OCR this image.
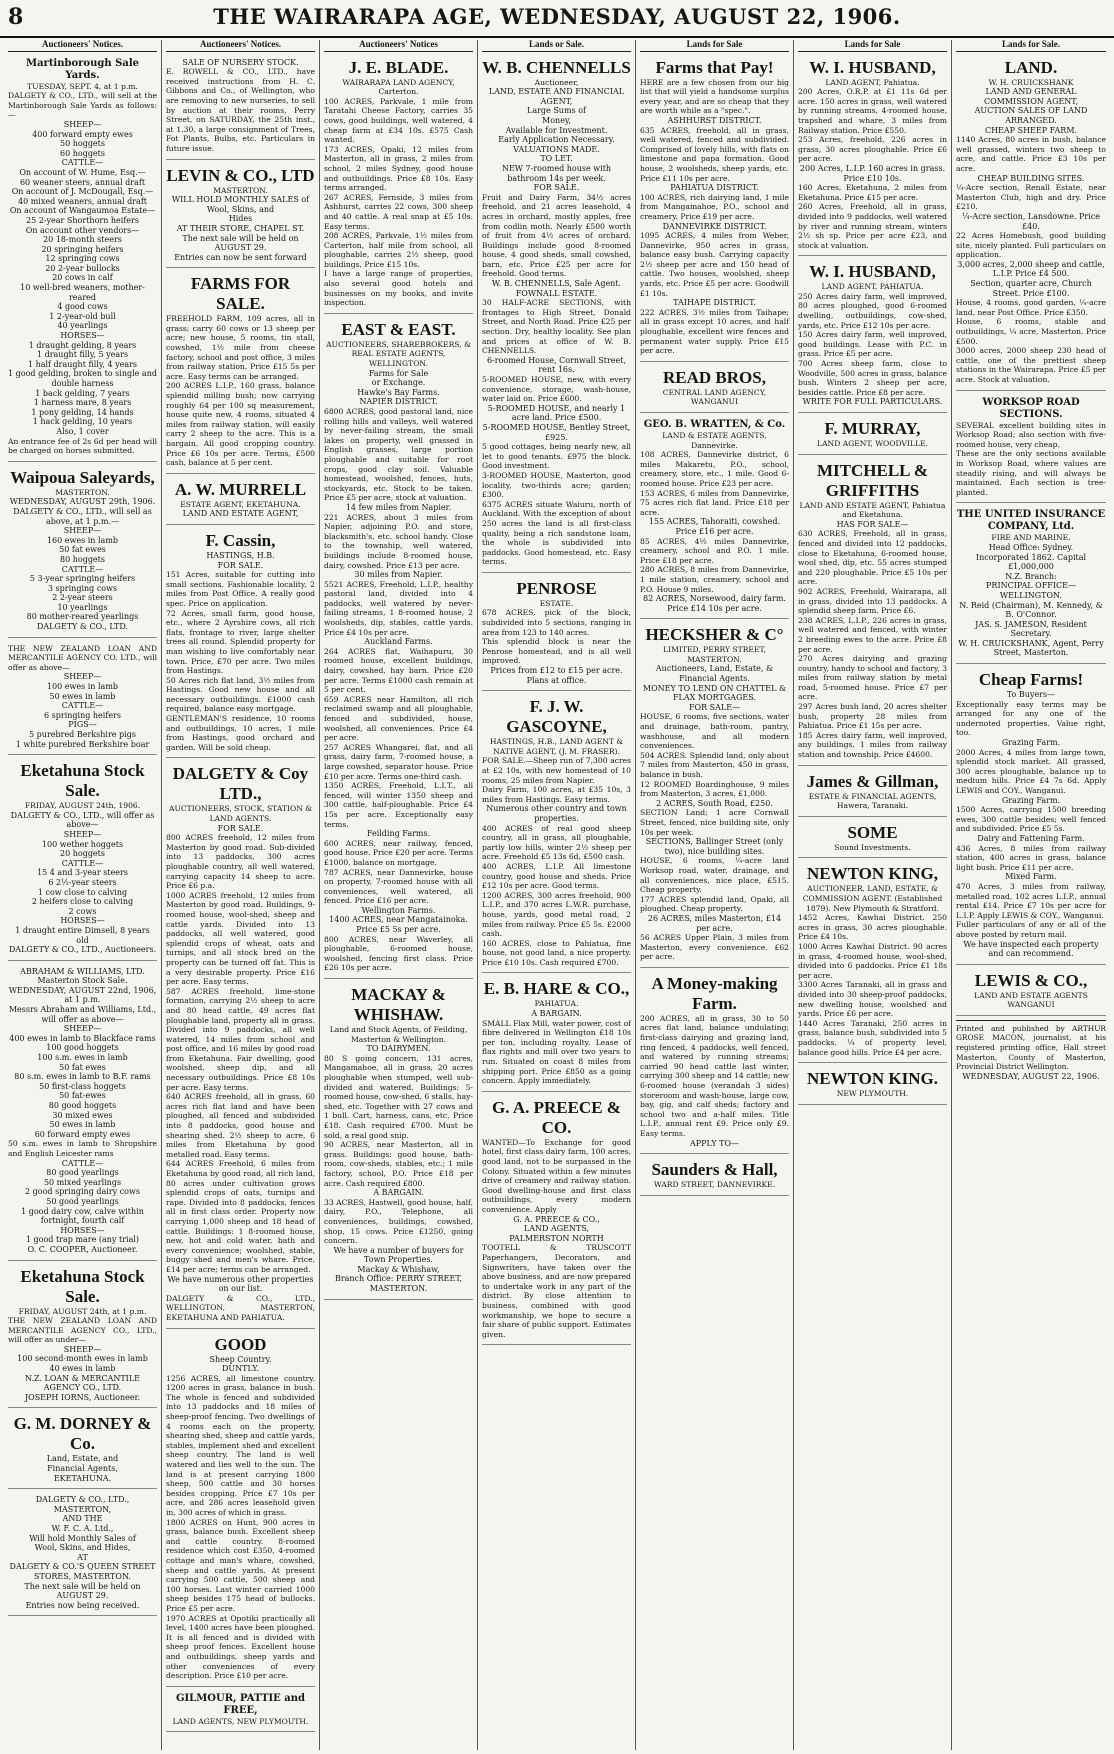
8	THE WAIRARAPA AGE, WEDNESDAY, AUGUST 22, 1906.
Auctioneers' Notices.
Martinborough Sale Yards.
TUESDAY, SEPT. 4, at 1 p.m.
DALGETY & CO., LTD., will sell at the Martinborough Sale Yards as follows:—
SHEEP—
400 forward empty ewes
50 hoggets
60 hoggets
CATTLE—
On account of W. Hume, Esq.—
60 weaner steers, annual draft
On account of J. McDougall, Esq.—
40 mixed weaners, annual draft
On account of Wangaumoa Estate—
25 2-year Shorthorn heifers
On account other vendors—
20 18-month steers
20 springing heifers
12 springing cows
20 2-year bullocks
20 cows in calf
10 well-bred weaners, mother-reared
4 good cows
1 2-year-old bull
40 yearlings
HORSES—
1 draught gelding, 8 years
1 draught filly, 5 years
1 half draught filly, 4 years
1 good gelding, broken to single and double harness
1 back gelding, 7 years
1 harness mare, 8 years
1 pony gelding, 14 hands
1 hack gelding, 10 years
Also, 1 cover
An entrance fee of 2s 6d per head will be charged on horses submitted.
Waipoua Saleyards,
MASTERTON.
WEDNESDAY, AUGUST 29th, 1906.
DALGETY & CO., LTD., will sell as above, at 1 p.m.—
SHEEP—
160 ewes in lamb
50 fat ewes
80 hoggets
CATTLE—
5 3-year springing heifers
3 springing cows
2 2-year steers
10 yearlings
80 mother-reared yearlings
DALGETY & CO., LTD.
THE NEW ZEALAND LOAN AND MERCANTILE AGENCY CO. LTD., will offer as above—
SHEEP—
100 ewes in lamb
50 ewes in lamb
CATTLE—
6 springing heifers
PIGS—
5 purebred Berkshire pigs
1 white purebred Berkshire boar
Eketahuna Stock Sale.
FRIDAY, AUGUST 24th, 1906.
DALGETY & CO., LTD., will offer as above—
SHEEP—
100 wether hoggets
20 hoggets
CATTLE—
15 4 and 3-year steers
6 2½-year steers
1 cow close to calving
2 heifers close to calving
2 cows
HORSES—
1 draught entire Dimsell, 8 years old
DALGETY & CO., LTD., Auctioneers.
ABRAHAM & WILLIAMS, LTD.
Masterton Stock Sale.
WEDNESDAY, AUGUST 22nd, 1906, at 1 p.m.
Messrs Abraham and Williams, Ltd., will offer as above—
SHEEP—
400 ewes in lamb to Blackface rams
100 good hoggets
100 s.m. ewes in lamb
50 fat ewes
80 s.m. ewes in lamb to B.F. rams
50 first-class hoggets
50 fat-ewes
80 good hoggets
30 mixed ewes
50 ewes in lamb
60 forward empty ewes
50 s.m. ewes in lamb to Shropshire and English Leicester rams
CATTLE—
80 good yearlings
50 mixed yearlings
2 good springing dairy cows
50 good yearlings
1 good dairy cow, calve within fortnight, fourth calf
HORSES—
1 good trap mare (any trial)
O. C. COOPER, Auctioneer.
Eketahuna Stock Sale.
FRIDAY, AUGUST 24th, at 1 p.m.
THE NEW ZEALAND LOAN AND MERCANTILE AGENCY CO., LTD., will offer as under—
SHEEP—
100 second-month ewes in lamb
40 ewes in lamb
N.Z. LOAN & MERCANTILE AGENCY CO., LTD.
JOSEPH IORNS, Auctioneer.
G. M. DORNEY & Co.
Land, Estate, and
Financial Agents,
EKETAHUNA.
DALGETY & CO., LTD., MASTERTON,
AND THE
W. F. C. A. Ltd.,
Will hold Monthly Sales of
Wool, Skins, and Hides,
AT
DALGETY & CO.'S QUEEN STREET STORES, MASTERTON.
The next sale will be held on AUGUST 29.
Entries now being received.
Auctioneers' Notices.
SALE OF NURSERY STOCK.
E. ROWELL & CO., LTD., have received instructions from H. C. Gibbons and Co., of Wellington, who are removing to new nurseries, to sell by auction at their rooms, Perry Street, on SATURDAY, the 25th inst., at 1.30, a large consignment of Trees, Fot Plants, Bulbs, etc. Particulars in future issue.
LEVIN & CO., LTD
MASTERTON.
WILL HOLD MONTHLY SALES of
Wool, Skins, and
Hides
AT THEIR STORE, CHAPEL ST.
The next sale will be held on
AUGUST 29.
Entries can now be sent forward
FARMS FOR SALE.
FREEHOLD FARM, 109 acres, all in grass; carry 60 cows or 13 sheep per acre; new house, 5 rooms, tin stall, cowshed, 1½ mile from cheese factory, school and post office, 3 miles from railway station. Price £15 5s per acre. Easy terms can be arranged.
200 ACRES L.I.P., 160 grass, balance splendid milling bush; now carrying roughly 64 per 100 sq measurement, house quite new, 4 rooms, situated 4 miles from railway station, will easily carry 2 sheep to the acre. This is a bargain. All good cropping country. Price £6 10s per acre. Terms, £500 cash, balance at 5 per cent.
A. W. MURRELL
ESTATE AGENT, EKETAHUNA.
LAND AND ESTATE AGENT,
F. Cassin,
HASTINGS, H.B.
FOR SALE.
151 Acres, suitable for cutting into small sections. Fashionable locality, 2 miles from Post Office. A really good spec. Price on application.
72 Acres, small farm, good house, etc., where 2 Ayrshire cows, all rich flats, frontage to river, large shelter trees all round. Splendid property for man wishing to live comfortably near town. Price, £70 per acre. Two miles from Hastings.
50 Acres rich flat land, 3½ miles from Hastings. Good new house and all necessary outbuildings. £1000 cash required, balance easy mortgage.
GENTLEMAN'S residence, 10 rooms and outbuildings, 10 acres, 1 mile from Hastings, good orchard and garden. Will be sold cheap.
DALGETY & Coy LTD.,
AUCTIONEERS, STOCK, STATION & LAND AGENTS.
FOR SALE.
800 ACRES freehold, 12 miles from Masterton by good road. Sub-divided into 13 paddocks, 300 acres ploughable country, all well watered, carrying capacity 14 sheep to acre. Price £6 p.a.
1000 ACRES freehold, 12 miles from Masterton by good road. Buildings, 9-roomed house, wool-shed, sheep and cattle yards. Divided into 13 paddocks, all well watered, good splendid crops of wheat, oats and turnips, and all stock bred on the property can be turned off fat. This is a very desirable property. Price £16 per acre. Easy terms.
587 ACRES freehold, lime-stone formation, carrying 2½ sheep to acre and 80 head cattle, 49 acres flat ploughable land, property all in grass. Divided into 9 paddocks, all well watered, 14 miles from school and post office, and 16 miles by good road from Eketahuna. Fair dwelling, good woolshed, sheep dip, and all necessary outbuildings. Price £8 10s per acre. Easy terms.
640 ACRES freehold, all in grass, 60 acres rich flat land and have been ploughed, all fenced and subdivided into 8 paddocks, good house and shearing shed. 2½ sheep to acre, 6 miles from Eketahuna by good metalled road. Easy terms.
644 ACRES Freehold, 6 miles from Eketahuna by good road, all rich land, 80 acres under cultivation grows splendid crops of oats, turnips and rape. Divided into 8 paddocks, fences all in first class order. Property now carrying 1,000 sheep and 18 head of cattle. Buildings: 1 8-roomed house, new, hot and cold water, bath and every convenience; woolshed, stable, buggy shed and men's whare. Price, £14 per acre; terms can be arranged.
We have numerous other properties on our list.
DALGETY & CO., LTD., WELLINGTON, MASTERTON, EKETAHUNA AND PAHIATUA.
GOOD
Sheep Country.
DUNTLY.
1256 ACRES, all limestone country. 1200 acres in grass, balance in bush. The whole is fenced and subdivided into 13 paddocks and 18 miles of sheep-proof fencing. Two dwellings of 4 rooms each on the property, shearing shed, sheep and cattle yards, stables, implement shed and excellent sheep country. The land is well watered and lies well to the sun. The land is at present carrying 1800 sheep, 500 cattle and 30 horses besides cropping. Price £7 10s per acre, and 286 acres leasehold given in, 300 acres of which in grass.
1800 ACRES on Hunt, 900 acres in grass, balance bush. Excellent sheep and cattle country. 8-roomed residence which cost £350, 4-roomed cottage and man's whare, cowshed, sheep and cattle yards. At present carrying 500 cattle, 500 sheep and 100 horses. Last winter carried 1000 sheep besides 175 head of bullocks. Price £5 per acre.
1970 ACRES at Opotiki practically all level, 1400 acres have been ploughed. It is all fenced and is divided with sheep proof fences. Excellent house and outbuildings, sheep yards and other conveniences of every description. Price £10 per acre.
GILMOUR, PATTIE and FREE,
LAND AGENTS, NEW PLYMOUTH.
Auctioneers' Notices
J. E. BLADE.
WAIRARAPA LAND AGENCY, Carterton.
100 ACRES, Parkvale, 1 mile from Taratahi Cheese Factory, carries 35 cows, good buildings, well watered, 4 cheap farm at £34 10s. £575 Cash wanted.
173 ACRES, Opaki, 12 miles from Masterton, all in grass, 2 miles from school, 2 miles Sydney, good house and outbuildings. Price £8 10s. Easy terms arranged.
267 ACRES, Fernside, 3 miles from Ashhurst, carries 22 cows, 300 sheep and 40 cattle. A real snap at £5 10s. Easy terms.
208 ACRES, Parkvale, 1½ miles from Carterton, half mile from school, all ploughable, carries 2½ sheep, good buildings, Price £15 10s.
I have a large range of properties, also several good hotels and businesses on my books, and invite inspection.
EAST & EAST.
AUCTIONEERS, SHAREBROKERS, & REAL ESTATE AGENTS, WELLINGTON.
Farms for Sale
or Exchange.
Hawke's Bay Farms.
NAPIER DISTRICT.
6800 ACRES, good pastoral land, nice rolling hills and valleys, well watered by never-failing stream, the small lakes on property, well grassed in English grasses, large portion ploughable and suitable for root crops, good clay soil. Valuable homestead, woolshed, fences, huts, stockyards, etc. Stock to be taken. Price £5 per acre, stock at valuation.
14 few miles from Napier.
221 ACRES, about 3 miles from Napier, adjoining P.O. and store, blacksmith's, etc. school handy. Close to the township, well watered, buildings include 8-roomed house, dairy, cowshed. Price £13 per acre.
30 miles from Napier.
5521 ACRES, Freehold, L.I.P., healthy pastoral land, divided into 4 paddocks, well watered by never-failing streams, 1 8-roomed house, 2 woolsheds, dip, stables, cattle yards. Price £4 10s per acre.
Auckland Farms.
264 ACRES flat, Waihapuru, 30 roomed house, excellent buildings, dairy, cowshed, hay barn. Price £20 per acre. Terms £1000 cash remain at 5 per cent.
659 ACRES near Hamilton, all rich reclaimed swamp and all ploughable, fenced and subdivided, house, woolshed, all conveniences. Price £4 per acre.
257 ACRES Whangarei, flat, and all grass, dairy farm, 7-roomed house, a large cowshed, separator house. Price £10 per acre. Terms one-third cash.
1350 ACRES, Freehold, L.I.T., all fenced, will winter 1350 sheep and 300 cattle, half-ploughable. Price £4 15s per acre. Exceptionally easy terms.
Feilding Farms.
600 ACRES, near railway, fenced, good house. Price £20 per acre. Terms £1000, balance on mortgage.
787 ACRES, near Dannevirke, house on property, 7-roomed house with all conveniences, well watered, all fenced. Price £16 per acre.
Wellington Farms.
1400 ACRES, near Mangatainoka. Price £5 5s per acre.
800 ACRES, near Waverley, all ploughable, 6-roomed house, woolshed, fencing first class. Price £26 10s per acre.
MACKAY & WHISHAW.
Land and Stock Agents, of Feilding, Masterton & Wellington.
TO DAIRYMEN.
80 S going concern, 131 acres, Mangamahoe, all in grass, 20 acres ploughable when stumped, well sub-divided and watered. Buildings: 5-roomed house, cow-shed, 6 stalls, hay-shed, etc. Together with 27 cows and 1 bull. Cart, harness, cans, etc. Price £18. Cash required £700. Must be sold, a real good snip.
90 ACRES, near Masterton, all in grass. Buildings: good house, bath-room, cow-sheds, stables, etc.; 1 mile factory, school, P.O. Price £18 per acre. Cash required £800.
A BARGAIN.
33 ACRES, Hastwell, good house, half, dairy, P.O., Telephone, all conveniences, buildings, cowshed, shop, 15 cows. Price £1250, going concern.
We have a number of buyers for Town Properties.
Mackay & Whishaw,
Branch Office: PERRY STREET, MASTERTON.
Lands or Sale.
W. B. CHENNELLS
Auctioneer,
LAND, ESTATE AND FINANCIAL AGENT,
Large Sums of
Money,
Available for Investment.
Early Application Necessary.
VALUATIONS MADE.
TO LET.
NEW 7-roomed house with bathroom 14s per week.
FOR SALE.
Fruit and Dairy Farm, 34½ acres freehold, and 21 acres leasehold, 4 acres in orchard, mostly apples, free from codlin moth. Nearly £500 worth of fruit from 4½ acres of orchard. Buildings include good 8-roomed house, 4 good sheds, small cowshed, barn, etc. Price £25 per acre for freehold. Good terms.
W. B. CHENNELLS, Sale Agent.
FOWNALL ESTATE.
30 HALF-ACRE SECTIONS, with frontages to High Street, Donald Street, and North Road. Price £25 per section. Dry, healthy locality. See plan and prices at office of W. B. CHENNELLS.
6-roomed House, Cornwall Street, rent 16s.
5-ROOMED HOUSE, new, with every convenience, storage, wash-house, water laid on. Price £600.
5-ROOMED HOUSE, and nearly 1 acre land. Price £500.
5-ROOMED HOUSE, Bentley Street, £925.
5 good cottages, being nearly new, all let to good tenants. £975 the block. Good investment.
3-ROOMED HOUSE, Masterton, good locality, two-thirds acre; garden; £300.
6375 ACRES situate Waiuru, north of Auckland. With the exception of about 250 acres the land is all first-class quality, being a rich sandstone loam, the whole is subdivided into paddocks. Good homestead, etc. Easy terms.
PENROSE
ESTATE.
678 ACRES, pick of the block, subdivided into 5 sections, ranging in area from 123 to 140 acres.
This splendid block is near the Penrose homestead, and is all well improved.
Prices from £12 to £15 per acre. Plans at office.
F. J. W. GASCOYNE,
HASTINGS, H.B., LAND AGENT & NATIVE AGENT, (J. M. FRASER).
FOR SALE.—Sheep run of 7,300 acres at £2 10s, with new homestead of 10 rooms, 25 miles from Napier.
Dairy Farm, 100 acres, at £35 10s, 3 miles from Hastings. Easy terms.
Numerous other country and town properties.
400 ACRES of real good sheep country, all in grass, all ploughable, partly low hills, winter 2½ sheep per acre. Freehold £5 13s 6d, £500 cash.
400 ACRES, L.I.P. All limestone country, good house and sheds. Price £12 10s per acre. Good terms.
1200 ACRES, 300 acres freehold, 900 L.I.P., and 370 acres L.W.R. purchase, house, yards, good metal road, 2 miles from railway. Price £5 5s. £2000 cash.
160 ACRES, close to Pahiatua, fine house, not good land, a nice property. Price £10 10s. Cash required £700.
E. B. HARE & CO.,
PAHIATUA.
A BARGAIN.
SMALL Flax Mill, water power, cost of fibre delivered in Wellington £18 10s per ton, including royalty. Lease of flax rights and mill over two years to run. Situated on coast 8 miles from shipping port. Price £850 as a going concern. Apply immediately.
G. A. PREECE & CO.
WANTED—To Exchange for good hotel, first class dairy farm, 100 acres, good land, not to be surpassed in the Colony. Situated within a few minutes drive of creamery and railway station. Good dwelling-house and first class outbuildings, every modern convenience. Apply
G. A. PREECE & CO.,
LAND AGENTS,
PALMERSTON NORTH
TOOTELL & TRUSCOTT Paperhangers, Decorators, and Signwriters, have taken over the above business, and are now prepared to undertake work in any part of the district. By close attention to business, combined with good workmanship, we hope to secure a fair share of public support. Estimates given.
Lands for Sale
Farms that Pay!
HERE are a few chosen from our big list that will yield a handsome surplus every year, and are so cheap that they are worth while as a "spec.".
ASHHURST DISTRICT.
635 ACRES, freehold, all in grass, well watered, fenced and subdivided. Comprised of lovely hills, with flats on limestone and papa formation. Good house, 2 woolsheds, sheep yards, etc. Price £11 10s per acre.
PAHIATUA DISTRICT.
100 ACRES, rich dairying land, 1 mile from Mangamahoe, P.O., school and creamery. Price £19 per acre.
DANNEVIRKE DISTRICT.
1095 ACRES, 4 miles from Weber, Dannevirke, 950 acres in grass, balance easy bush. Carrying capacity 2½ sheep per acre and 150 head of cattle. Two houses, woolshed, sheep yards, etc. Price £5 per acre. Goodwill £1 10s.
TAIHAPE DISTRICT.
222 ACRES, 3½ miles from Taihape; all in grass except 10 acres, and half ploughable, excellent wire fences and permanent water supply. Price £15 per acre.
READ BROS,
CENTRAL LAND AGENCY, WANGANUI
GEO. B. WRATTEN, & Co.
LAND & ESTATE AGENTS, Dannevirke.
108 ACRES, Dannevirke district, 6 miles Makaretu, P.O., school, creamery, store, etc., 1 mile. Good 6-roomed house. Price £23 per acre.
153 ACRES, 6 miles from Dannevirke, 75 acres rich flat land. Price £18 per acre.
155 ACRES, Tahoraiti, cowshed. Price £16 per acre.
85 ACRES, 4½ miles Dannevirke, creamery, school and P.O. 1 mile. Price £18 per acre.
280 ACRES, 8 miles from Dannevirke, 1 mile station, creamery, school and P.O. House 9 miles.
82 ACRES, Norsewood, dairy farm. Price £14 10s per acre.
HECKSHER & C°
LIMITED, PERRY STREET, MASTERTON.
Auctioneers, Land, Estate, & Financial Agents.
MONEY TO LEND ON CHATTEL & FLAX MORTGAGES.
FOR SALE—
HOUSE, 6 rooms, five sections, water and drainage, bath-room, pantry, washhouse, and all modern conveniences.
504 ACRES. Splendid land, only about 7 miles from Masterton, 450 in grass, balance in bush.
12 ROOMED Boardinghouse, 9 miles from Masterton, 3 acres, £1,000.
2 ACRES, South Road, £250.
SECTION Land; 1 acre Cornwall Street, fenced, nice building site, only 10s per week.
SECTIONS, Ballinger Street (only two), nice building sites.
HOUSE, 6 rooms, ¼-acre land Worksop road, water, drainage, and all conveniences, nice place, £515. Cheap property.
177 ACRES splendid land, Opaki, all ploughed. Cheap property.
26 ACRES, miles Masterton, £14 per acre.
56 ACRES Upper Plain, 3 miles from Masterton, every convenience. £62 per acre.
A Money-making Farm.
200 ACRES, all in grass, 30 to 50 acres flat land, balance undulating; first-class dairying and grazing land, ring fenced, 4 paddocks, well fenced, and watered by running streams; carried 90 head cattle last winter, carrying 300 sheep and 14 cattle; new 6-roomed house (verandah 3 sides) storeroom and wash-house, large cow, bay, gig, and calf sheds; factory and school two and a-half miles. Title L.I.P., annual rent £9. Price only £9. Easy terms.
APPLY TO—
Saunders & Hall,
WARD STREET, DANNEVIRKE.
Lands for Sale
W. I. HUSBAND,
LAND AGENT, Pahiatua.
200 Acres, O.R.P. at £1 11s 6d per acre. 150 acres in grass, well watered by running streams, 4-roomed house, trapshed and whare, 3 miles from Railway station. Price £550.
253 Acres, freehold, 226 acres in grass, 30 acres ploughable. Price £6 per acre.
200 Acres, L.I.P. 160 acres in grass. Price £10 10s.
160 Acres, Eketahuna, 2 miles from Eketahuna. Price £15 per acre.
260 Acres, Freehold, all in grass, divided into 9 paddocks, well watered by river and running stream, winters 2½ sh sp. Price per acre £23, and stock at valuation.
W. I. HUSBAND,
LAND AGENT, PAHIATUA.
250 Acres dairy farm, well improved, 80 acres ploughed, good 6-roomed dwelling, outbuildings, cow-shed, yards, etc. Price £12 10s per acre.
150 Acres dairy farm, well improved, good buildings. Lease with P.C. in grass. Price £5 per acre.
700 Acres sheep farm, close to Woodville, 500 acres in grass, balance bush. Winters 2 sheep per acre, besides cattle. Price £8 per acre.
WRITE FOR FULL PARTICULARS.
F. MURRAY,
LAND AGENT, WOODVILLE.
MITCHELL & GRIFFITHS
LAND AND ESTATE AGENT, Pahiatua and Eketahuna.
HAS FOR SALE—
630 ACRES, Freehold, all in grass, fenced and divided into 12 paddocks, close to Eketahuna, 6-roomed house, wool shed, dip, etc. 55 acres stumped and 220 ploughable. Price £5 10s per acre.
902 ACRES, Freehold, Wairarapa, all in grass, divided into 13 paddocks. A splendid sheep farm. Price £6.
238 ACRES, L.I.P., 226 acres in grass, well watered and fenced, with winter 2 breeding ewes to the acre. Price £8 per acre.
270 Acres dairying and grazing country, handy to school and factory, 3 miles from railway station by metal road, 5-roomed house. Price £7 per acre.
297 Acres bush land, 20 acres shelter bush, property 28 miles from Pahiatua. Price £1 15s per acre.
185 Acres dairy farm, well improved, any buildings, 1 miles from railway station and township. Price £4600.
James & Gillman,
ESTATE & FINANCIAL AGENTS, Hawera, Taranaki.
SOME
Sound Investments.
NEWTON KING,
AUCTIONEER, LAND, ESTATE, & COMMISSION AGENT. (Established 1879). New Plymouth & Stratford.
1452 Acres, Kawhai District. 250 acres in grass, 30 acres ploughable. Price £4 10s.
1000 Acres Kawhai District. 90 acres in grass, 4-roomed house, wool-shed, divided into 6 paddocks. Price £1 18s per acre.
3300 Acres Taranaki, all in grass and divided into 30 sheep-proof paddocks, new dwelling house, woolshed and yards. Price £6 per acre.
1440 Acres Taranaki, 250 acres in grass, balance bush, subdivided into 5 paddocks, ¼ of property level, balance good hills. Price £4 per acre.
NEWTON KING.
NEW PLYMOUTH.
Lands for Sale.
LAND.
W. H. CRUICKSHANK
LAND AND GENERAL COMMISSION AGENT,
AUCTION SALES OF LAND ARRANGED.
CHEAP SHEEP FARM.
1140 Acres, 80 acres in bush, balance well grassed, winters two sheep to acre, and cattle. Price £3 10s per acre.
CHEAP BUILDING SITES.
¼-Acre section, Renall Estate, near Masterton Club, high and dry. Price £210.
¼-Acre section, Lansdowne. Price £40.
22 Acres Homebush, good building site, nicely planted. Full particulars on application.
3,000 acres, 2,000 sheep and cattle, L.I.P. Price £4 500.
Section, quarter acre, Church Street. Price £100.
House, 4 rooms, good garden, ¼-acre land, near Post Office. Price £350.
House, 6 rooms, stable and outbuildings, ¼ acre, Masterton. Price £500.
3000 acres, 2000 sheep 230 head of cattle, one of the prettiest sheep stations in the Wairarapa. Price £5 per acre. Stock at valuation.
WORKSOP ROAD SECTIONS.
SEVERAL excellent building sites in Worksop Road; also section with five-roomed house, very cheap.
These are the only sections available in Worksop Road, where values are steadily rising, and will always be maintained. Each section is tree-planted.
THE UNITED INSURANCE COMPANY, Ltd.
FIRE AND MARINE.
Head Office: Sydney.
Incorporated 1862. Capital £1,000,000
N.Z. Branch:
PRINCIPAL OFFICE—WELLINGTON.
N. Reid (Chairman), M. Kennedy, & B. O'Connor.
JAS. S. JAMESON, Resident Secretary.
W. H. CRUICKSHANK, Agent, Perry Street, Masterton.
Cheap Farms!
To Buyers—
Exceptionally easy terms may be arranged for any one of the undernoted properties. Value right, too.
Grazing Farm.
2000 Acres, 4 miles from large town, splendid stock market. All grassed, 300 acres ploughable, balance up to medium hills. Price £4 7s 6d. Apply LEWIS and COY., Wanganui.
Grazing Farm.
1500 Acres, carrying 1500 breeding ewes, 300 cattle besides; well fenced and subdivided. Price £5 5s.
Dairy and Fattening Farm.
436 Acres, 8 miles from railway station, 400 acres in grass, balance light bush. Price £11 per acre.
Mixed Farm.
470 Acres, 3 miles from railway, metalled road, 102 acres L.I.P., annual rental £14. Price £7 10s per acre for L.I.P. Apply LEWIS & COY., Wanganui.
Fuller particulars of any or all of the above posted by return mail.
We have inspected each property and can recommend.
LEWIS & CO.,
LAND AND ESTATE AGENTS WANGANUI
Printed and published by ARTHUR GROSE MACON, journalist, at his registered printing office, Hall street Masterton, County of Masterton, Provincial District Wellington.
WEDNESDAY, AUGUST 22, 1906.
